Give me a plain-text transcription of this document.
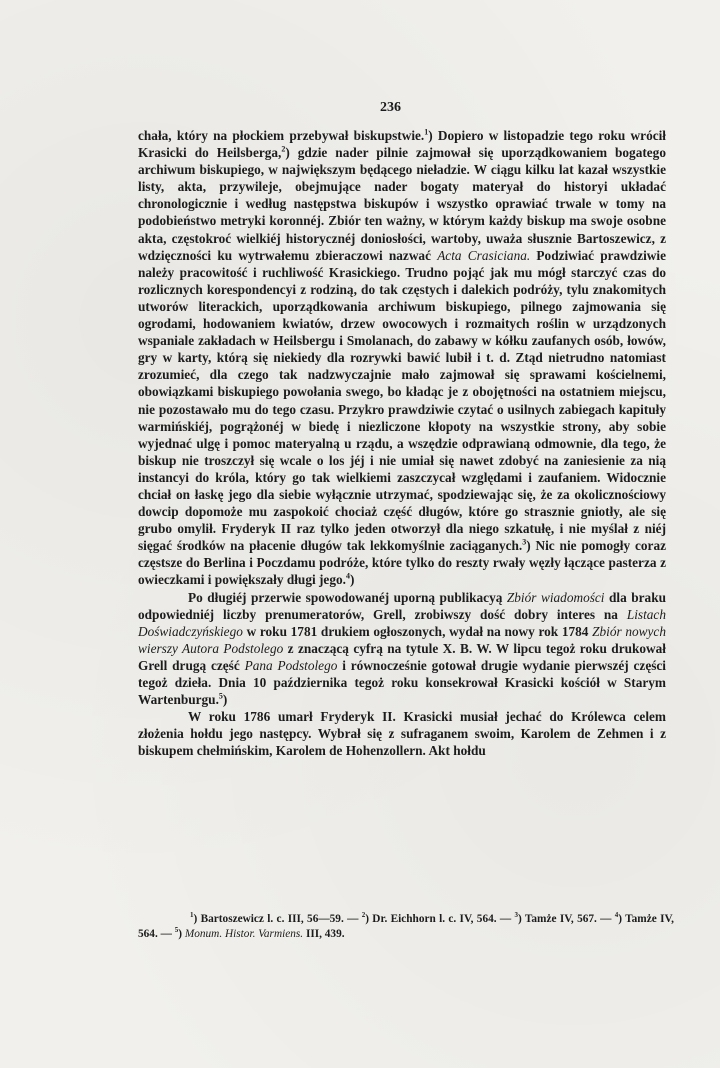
236

chała, który na płockiem przebywał biskupstwie.$^1$) Dopiero w listopadzie tego roku wrócił Krasicki do Heilsberga,$^2$) gdzie nader pilnie zajmował się uporządkowaniem bogatego archiwum biskupiego, w największym będącego nieładzie. W ciągu kilku lat kazał wszystkie listy, akta, przywileje, obejmujące nader bogaty materyał do historyi układać chronologicznie i według następstwa biskupów i wszystko oprawiać trwale w tomy na podobieństwo metryki koronnéj. Zbiór ten ważny, w którym każdy biskup ma swoje osobne akta, częstokroć wielkiéj historycznéj doniosłości, wartoby, uważa słusznie Bartoszewicz, z wdzięczności ku wytrwałemu zbieraczowi nazwać Acta Crasiciana. Podziwiać prawdziwie należy pracowitość i ruchliwość Krasickiego. Trudno pojąć jak mu mógł starczyć czas do rozlicznych korespondencyi z rodziną, do tak częstych i dalekich podróży, tylu znakomitych utworów literackich, uporządkowania archiwum biskupiego, pilnego zajmowania się ogrodami, hodowaniem kwiatów, drzew owocowych i rozmaitych roślin w urządzonych wspaniale zakładach w Heilsbergu i Smolanach, do zabawy w kółku zaufanych osób, łowów, gry w karty, którą się niekiedy dla rozrywki bawić lubił i t. d. Ztąd nietrudno natomiast zrozumieć, dla czego tak nadzwyczajnie mało zajmował się sprawami kościelnemi, obowiązkami biskupiego powołania swego, bo kładąc je z obojętności na ostatniem miejscu, nie pozostawało mu do tego czasu. Przykro prawdziwie czytać o usilnych zabiegach kapituły warmińskiéj, pogrążonéj w biedę i niezliczone kłopoty na wszystkie strony, aby sobie wyjednać ulgę i pomoc materyalną u rządu, a wszędzie odprawianą odmownie, dla tego, że biskup nie troszczył się wcale o los jéj i nie umiał się nawet zdobyć na zaniesienie za nią instancyi do króla, który go tak wielkiemi zaszczycał względami i zaufaniem. Widocznie chciał on łaskę jego dla siebie wyłącznie utrzymać, spodziewając się, że za okolicznościowy dowcip dopomoże mu zaspokoić chociaż część długów, które go strasznie gniotły, ale się grubo omylił. Fryderyk II raz tylko jeden otworzył dla niego szkatułę, i nie myślał z niéj sięgać środków na płacenie długów tak lekkomyślnie zaciąganych.$^3$) Nic nie pomogły coraz częstsze do Berlina i Poczdamu podróże, które tylko do reszty rwały węzły łączące pasterza z owieczkami i powiększały długi jego.$^4$)

Po długiéj przerwie spowodowanéj uporną publikacyą Zbiór wiadomości dla braku odpowiedniéj liczby prenumeratorów, Grell, zrobiwszy dość dobry interes na Listach Doświadczyńskiego w roku 1781 drukiem ogłoszonych, wydał na nowy rok 1784 Zbiór nowych wierszy Autora Podstolego z znaczącą cyfrą na tytule X. B. W. W lipcu tegoż roku drukował Grell drugą część Pana Podstolego i równocześnie gotował drugie wydanie pierwszéj części tegoż dzieła. Dnia 10 października tegoż roku konsekrował Krasicki kościół w Starym Wartenburgu.$^5$)

W roku 1786 umarł Fryderyk II. Krasicki musiał jechać do Królewca celem złożenia hołdu jego następcy. Wybrał się z sufraganem swoim, Karolem de Zehmen i z biskupem chełmińskim, Karolem de Hohenzollern. Akt hołdu

$^1$) Bartoszewicz l. c. III, 56—59. — $^2$) Dr. Eichhorn l. c. IV, 564. — $^3$) Tamże IV, 567. — $^4$) Tamże IV, 564. — $^5$) Monum. Histor. Varmiens. III, 439.
